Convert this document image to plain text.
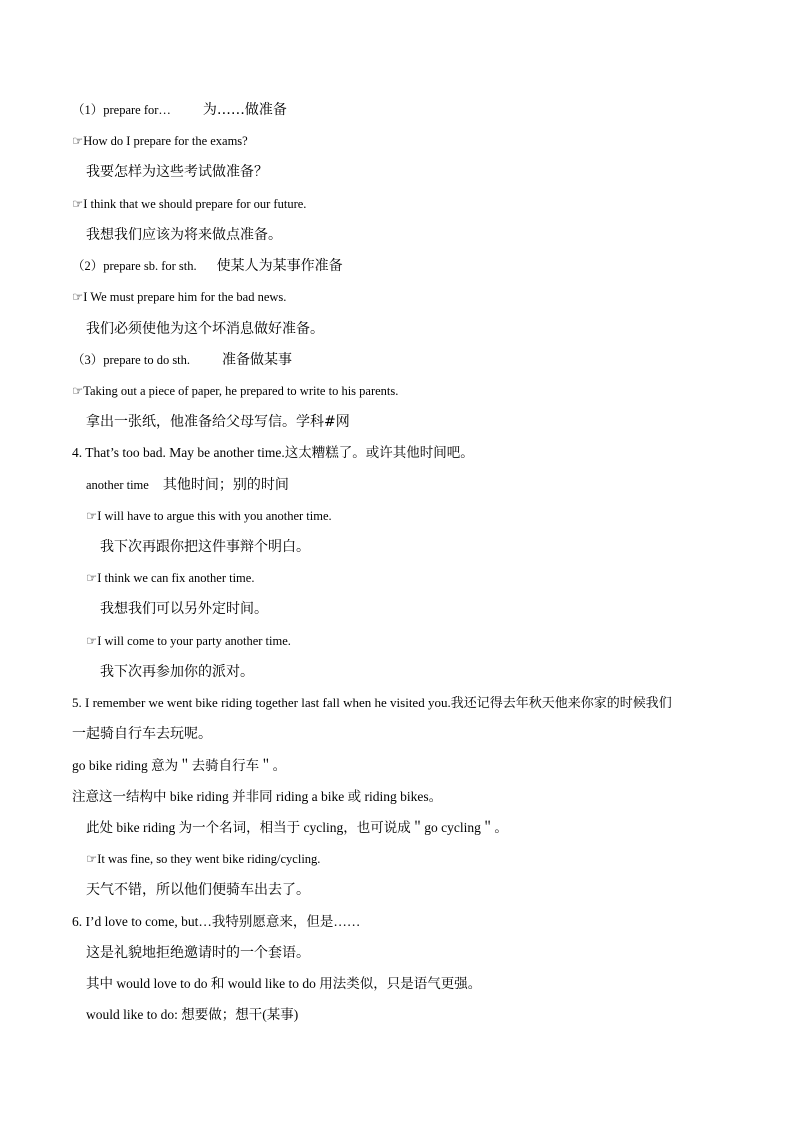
（1）prepare for… 为……做准备
☞How do I prepare for the exams?
我要怎样为这些考试做准备？
☞I think that we should prepare for our future.
我想我们应该为将来做点准备。
（2）prepare sb. for sth. 使某人为某事作准备
☞I We must prepare him for the bad news.
我们必须使他为这个坏消息做好准备。
（3）prepare to do sth. 准备做某事
☞Taking out a piece of paper, he prepared to write to his parents.
拿出一张纸，他准备给父母写信。学科#网
4. That’s too bad. May be another time.这太糟糕了。或许其他时间吧。
another time 其他时间；别的时间
☞I will have to argue this with you another time.
我下次再跟你把这件事辩个明白。
☞I think we can fix another time.
我想我们可以另外定时间。
☞I will come to your party another time.
我下次再参加你的派对。
5. I remember we went bike riding together last fall when he visited you.我还记得去年秋天他来你家的时候我们
一起骑自行车去玩呢。
go bike riding 意为＂去骑自行车＂。
注意这一结构中 bike riding 并非同 riding a bike 或 riding bikes。
此处 bike riding 为一个名词，相当于 cycling，也可说成＂go cycling＂。
☞It was fine, so they went bike riding/cycling.
天气不错，所以他们便骑车出去了。
6. I’d love to come, but…我特别愿意来，但是……
这是礼貌地拒绝邀请时的一个套语。
其中 would love to do 和 would like to do 用法类似，只是语气更强。
would like to do: 想要做；想干(某事)
